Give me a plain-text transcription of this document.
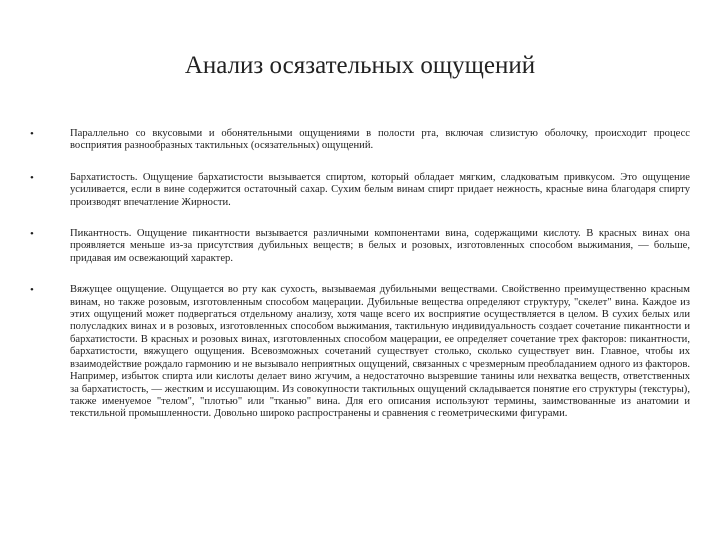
Анализ осязательных ощущений
•	Параллельно со вкусовыми и обонятельными ощущениями в полости рта, включая слизистую оболочку, происходит процесс восприятия разнообразных тактильных (осязательных) ощущений.
•	Бархатистость. Ощущение бархатистости вызывается спиртом, который обладает мягким, сладковатым привкусом. Это ощущение усиливается, если в вине содержится остаточный сахар. Сухим белым винам спирт придает нежность, красные вина благодаря спирту производят впечатление Жирности.
•	Пикантность. Ощущение пикантности вызывается различными компонентами вина, содержащими кислоту. В красных винах она проявляется меньше из-за присутствия дубильных веществ; в белых и розовых, изготовленных способом выжимания, — больше, придавая им освежающий характер.
•	Вяжущее ощущение. Ощущается во рту как сухость, вызываемая дубильными веществами. Свойственно преимущественно красным винам, но также розовым, изготовленным способом мацерации. Дубильные вещества определяют структуру, "скелет" вина. Каждое из этих ощущений может подвергаться отдельному анализу, хотя чаще всего их восприятие осуществляется в целом. В сухих белых или полусладких винах и в розовых, изготовленных способом выжимания, тактильную индивидуальность создает сочетание пикантности и бархатистости. В красных и розовых винах, изготовленных способом мацерации, ее определяет сочетание трех факторов: пикантности, бархатистости, вяжущего ощущения. Всевозможных сочетаний существует столько, сколько существует вин. Главное, чтобы их взаимодействие рождало гармонию и не вызывало неприятных ощущений, связанных с чрезмерным преобладанием одного из факторов. Например, избыток спирта или кислоты делает вино жгучим, а недостаточно вызревшие танины или нехватка веществ, ответственных за бархатистость, — жестким и иссушающим. Из совокупности тактильных ощущений складывается понятие его структуры (текстуры), также именуемое "телом", "плотью" или "тканью" вина. Для его описания используют термины, заимствованные из анатомии и текстильной промышленности. Довольно широко распространены и сравнения с геометрическими фигурами.
